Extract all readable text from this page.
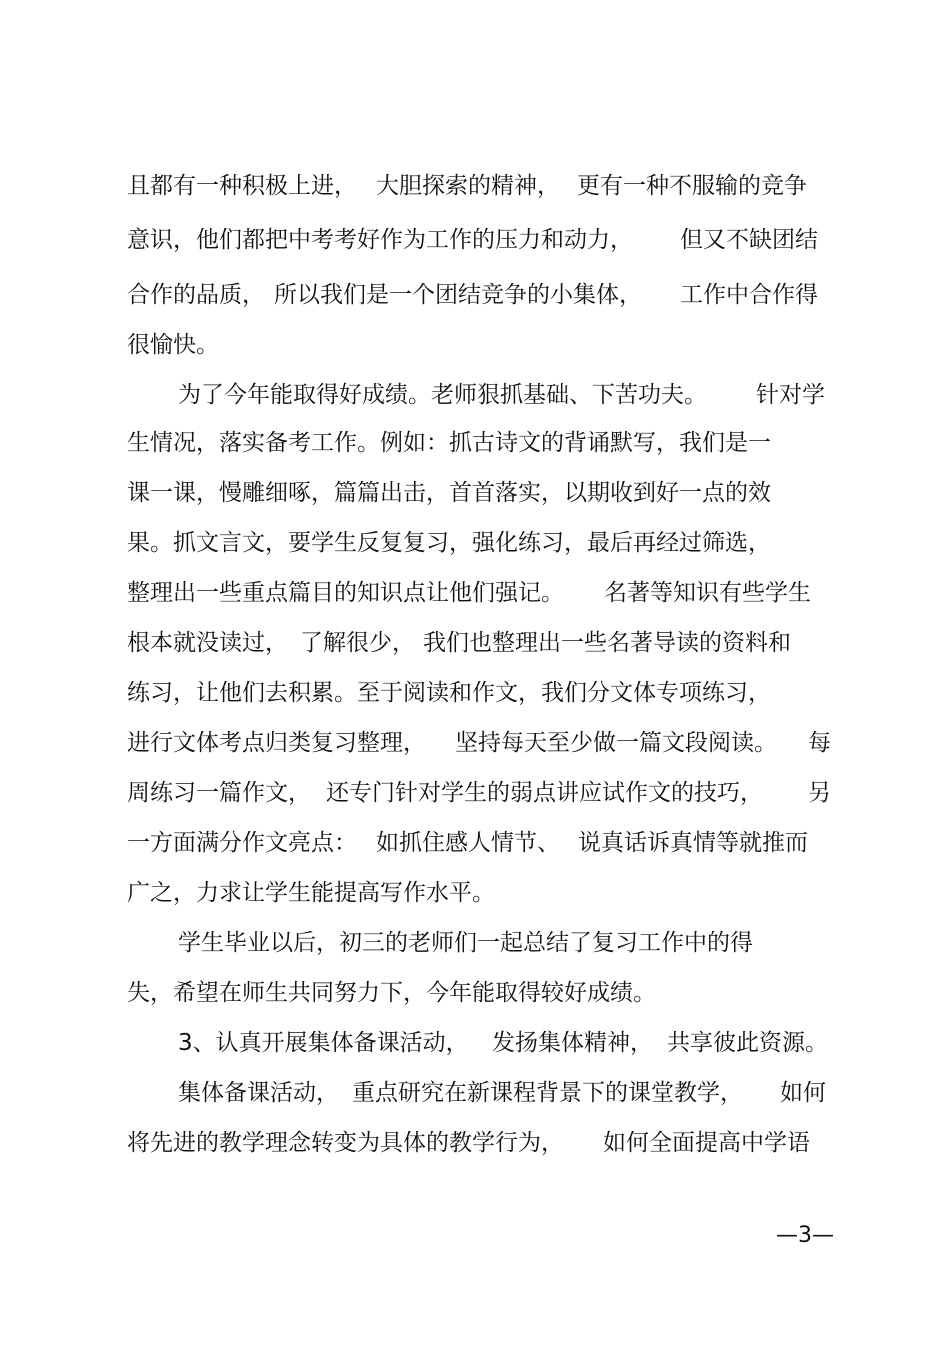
且都有一种积极上进， 大胆探索的精神， 更有一种不服输的竞争
意识，他们都把中考考好作为工作的压力和动力， 但又不缺团结
合作的品质， 所以我们是一个团结竞争的小集体， 工作中合作得
很愉快。
为了今年能取得好成绩。老师狠抓基础、下苦功夫。 针对学
生情况，落实备考工作。例如：抓古诗文的背诵默写，我们是一
课一课，慢雕细啄，篇篇出击，首首落实，以期收到好一点的效
果。抓文言文，要学生反复复习，强化练习，最后再经过筛选，
整理出一些重点篇目的知识点让他们强记。 名著等知识有些学生
根本就没读过， 了解很少， 我们也整理出一些名著导读的资料和
练习，让他们去积累。至于阅读和作文，我们分文体专项练习，
进行文体考点归类复习整理， 坚持每天至少做一篇文段阅读。 每
周练习一篇作文， 还专门针对学生的弱点讲应试作文的技巧， 另
一方面满分作文亮点： 如抓住感人情节、 说真话诉真情等就推而
广之，力求让学生能提高写作水平。
学生毕业以后，初三的老师们一起总结了复习工作中的得
失，希望在师生共同努力下，今年能取得较好成绩。
3、认真开展集体备课活动， 发扬集体精神， 共享彼此资源。
集体备课活动， 重点研究在新课程背景下的课堂教学， 如何
将先进的教学理念转变为具体的教学行为， 如何全面提高中学语
—3—
